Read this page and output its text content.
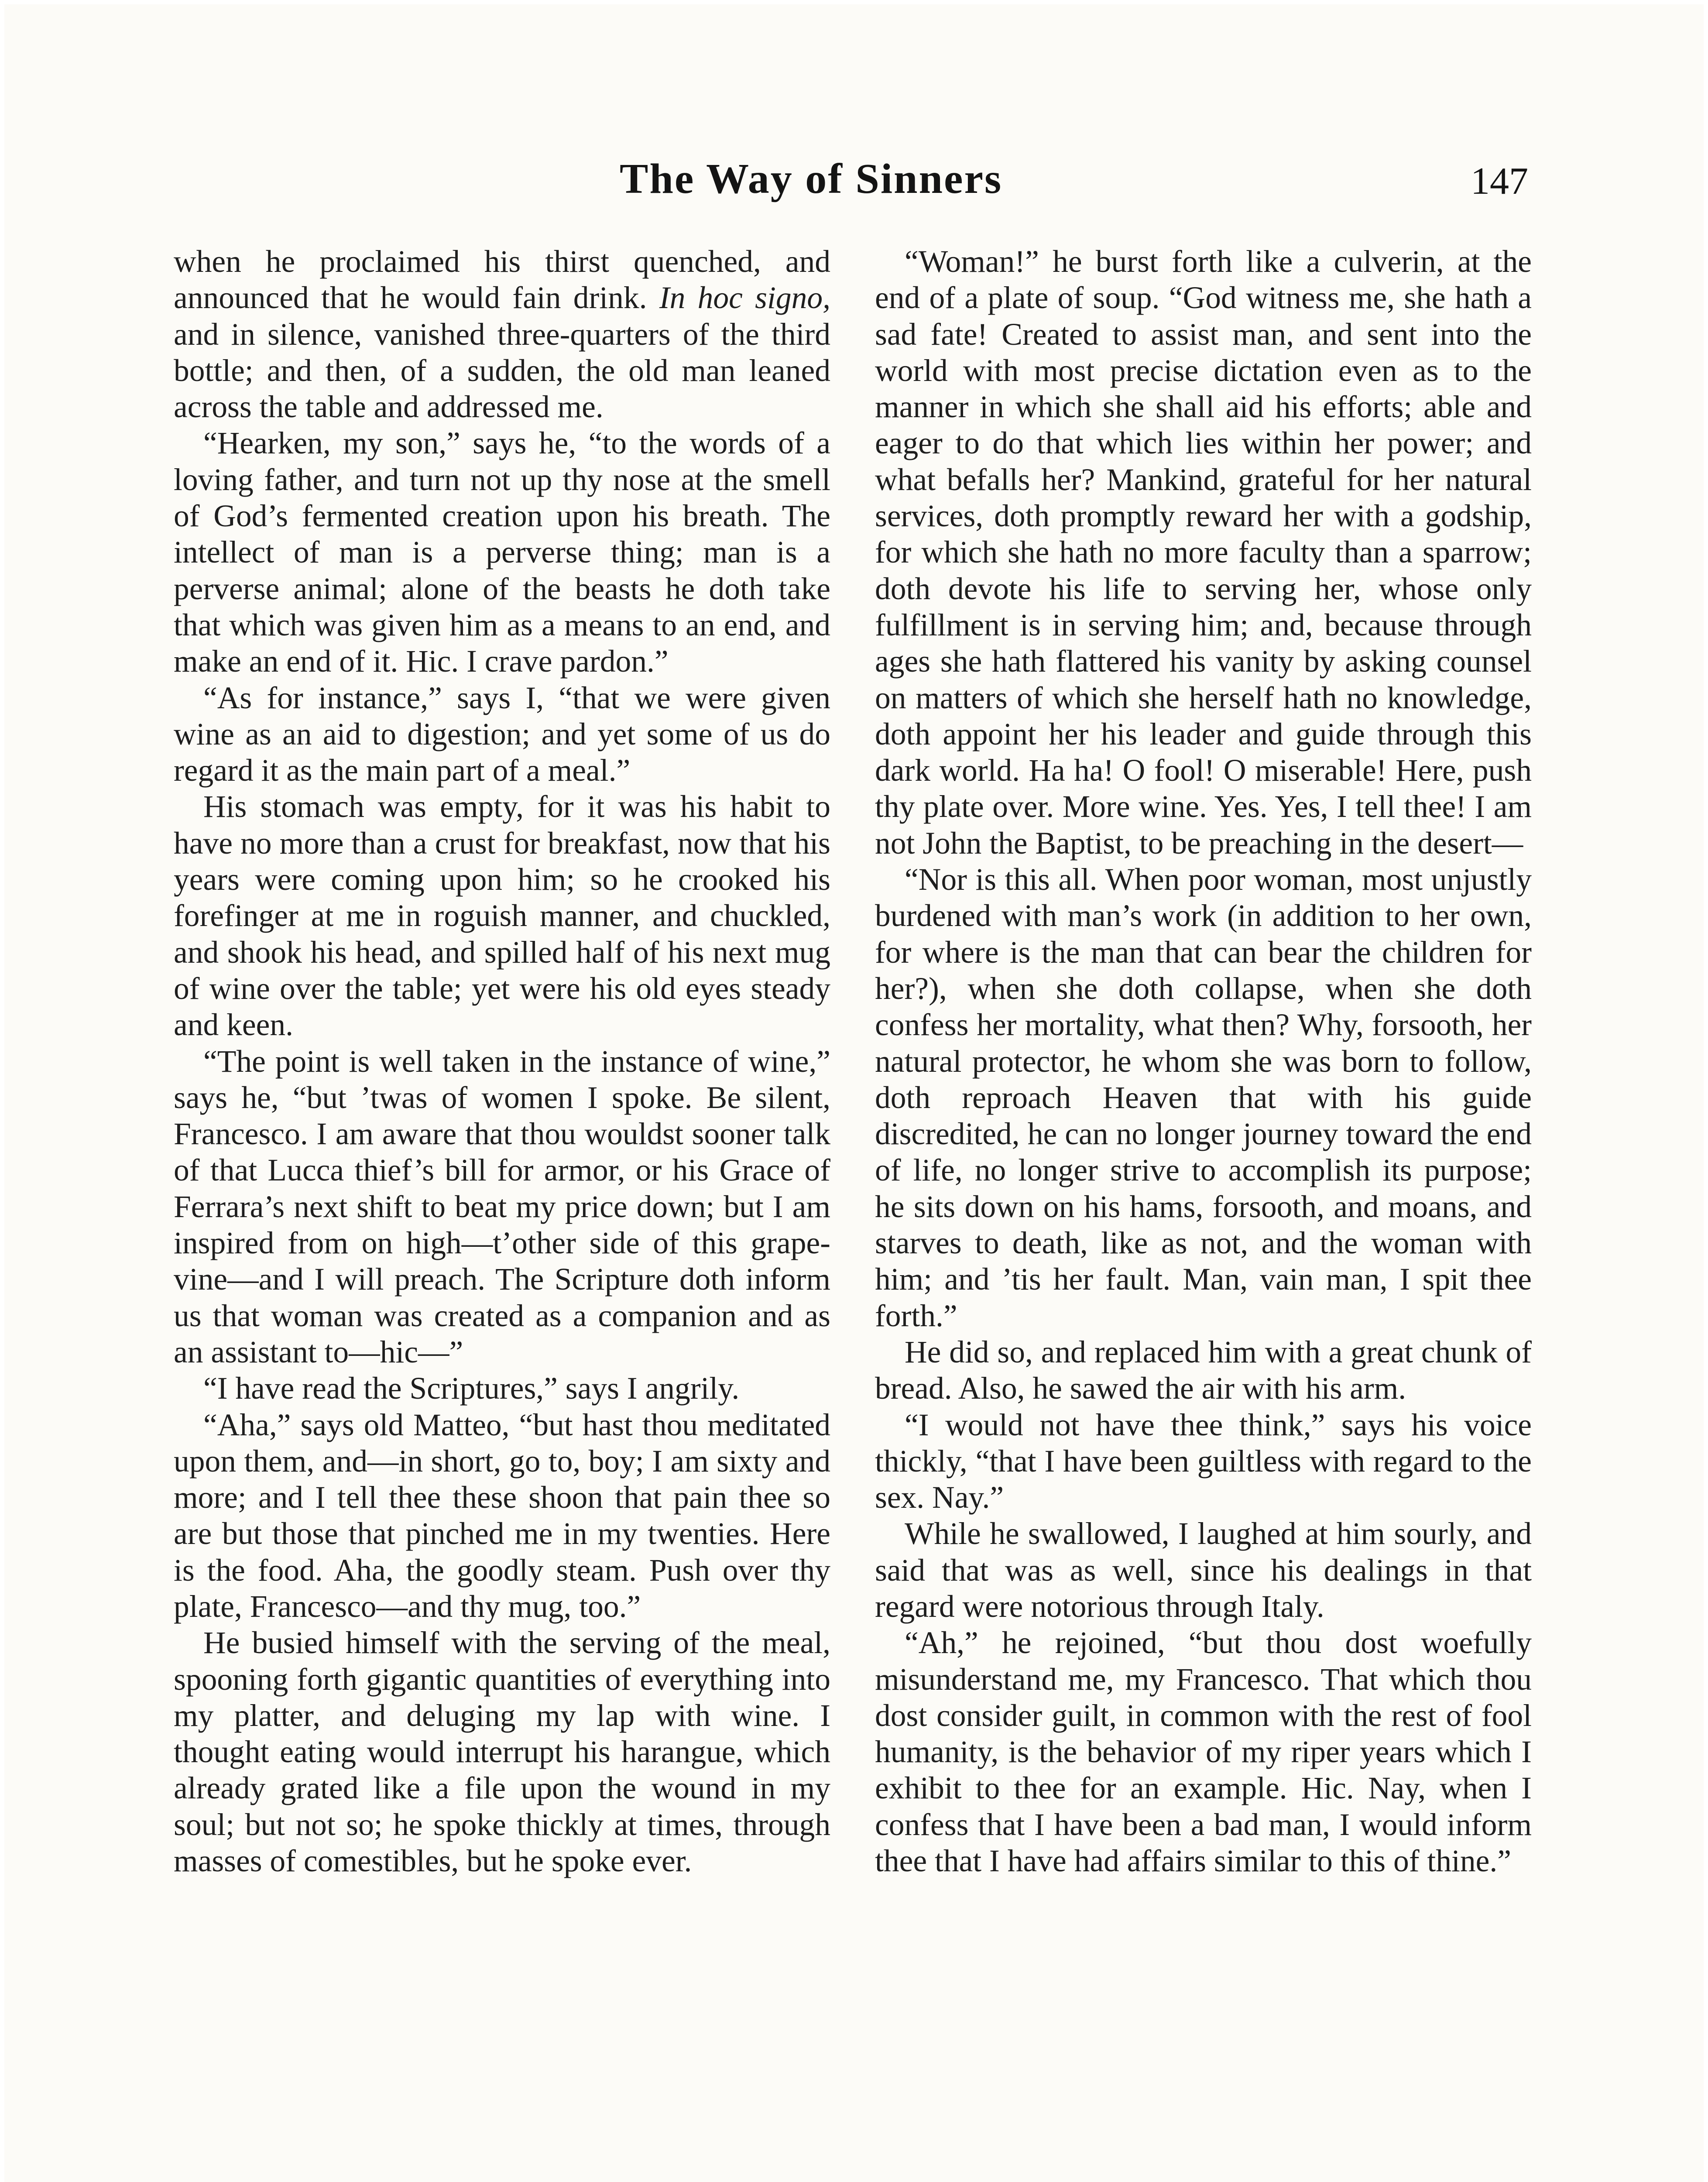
The Way of Sinners	147

when he proclaimed his thirst quenched, and announced that he would fain drink. In hoc signo, and in silence, vanished three-quarters of the third bottle; and then, of a sudden, the old man leaned across the table and addressed me.

“Hearken, my son,” says he, “to the words of a loving father, and turn not up thy nose at the smell of God’s fermented creation upon his breath. The intellect of man is a perverse thing; man is a perverse animal; alone of the beasts he doth take that which was given him as a means to an end, and make an end of it. Hic. I crave pardon.”

“As for instance,” says I, “that we were given wine as an aid to digestion; and yet some of us do regard it as the main part of a meal.”

His stomach was empty, for it was his habit to have no more than a crust for breakfast, now that his years were coming upon him; so he crooked his forefinger at me in roguish manner, and chuckled, and shook his head, and spilled half of his next mug of wine over the table; yet were his old eyes steady and keen.

“The point is well taken in the instance of wine,” says he, “but ’twas of women I spoke. Be silent, Francesco. I am aware that thou wouldst sooner talk of that Lucca thief’s bill for armor, or his Grace of Ferrara’s next shift to beat my price down; but I am inspired from on high—t’other side of this grape-vine—and I will preach. The Scripture doth inform us that woman was created as a companion and as an assistant to—hic—”

“I have read the Scriptures,” says I angrily.

“Aha,” says old Matteo, “but hast thou meditated upon them, and—in short, go to, boy; I am sixty and more; and I tell thee these shoon that pain thee so are but those that pinched me in my twenties. Here is the food. Aha, the goodly steam. Push over thy plate, Francesco—and thy mug, too.”

He busied himself with the serving of the meal, spooning forth gigantic quantities of everything into my platter, and deluging my lap with wine. I thought eating would interrupt his harangue, which already grated like a file upon the wound in my soul; but not so; he spoke thickly at times, through masses of comestibles, but he spoke ever.

“Woman!” he burst forth like a culverin, at the end of a plate of soup. “God witness me, she hath a sad fate! Created to assist man, and sent into the world with most precise dictation even as to the manner in which she shall aid his efforts; able and eager to do that which lies within her power; and what befalls her? Mankind, grateful for her natural services, doth promptly reward her with a godship, for which she hath no more faculty than a sparrow; doth devote his life to serving her, whose only fulfillment is in serving him; and, because through ages she hath flattered his vanity by asking counsel on matters of which she herself hath no knowledge, doth appoint her his leader and guide through this dark world. Ha ha! O fool! O miserable! Here, push thy plate over. More wine. Yes. Yes, I tell thee! I am not John the Baptist, to be preaching in the desert—

“Nor is this all. When poor woman, most unjustly burdened with man’s work (in addition to her own, for where is the man that can bear the children for her?), when she doth collapse, when she doth confess her mortality, what then? Why, forsooth, her natural protector, he whom she was born to follow, doth reproach Heaven that with his guide discredited, he can no longer journey toward the end of life, no longer strive to accomplish its purpose; he sits down on his hams, forsooth, and moans, and starves to death, like as not, and the woman with him; and ’tis her fault. Man, vain man, I spit thee forth.”

He did so, and replaced him with a great chunk of bread. Also, he sawed the air with his arm.

“I would not have thee think,” says his voice thickly, “that I have been guiltless with regard to the sex. Nay.”

While he swallowed, I laughed at him sourly, and said that was as well, since his dealings in that regard were notorious through Italy.

“Ah,” he rejoined, “but thou dost woefully misunderstand me, my Francesco. That which thou dost consider guilt, in common with the rest of fool humanity, is the behavior of my riper years which I exhibit to thee for an example. Hic. Nay, when I confess that I have been a bad man, I would inform thee that I have had affairs similar to this of thine.”
